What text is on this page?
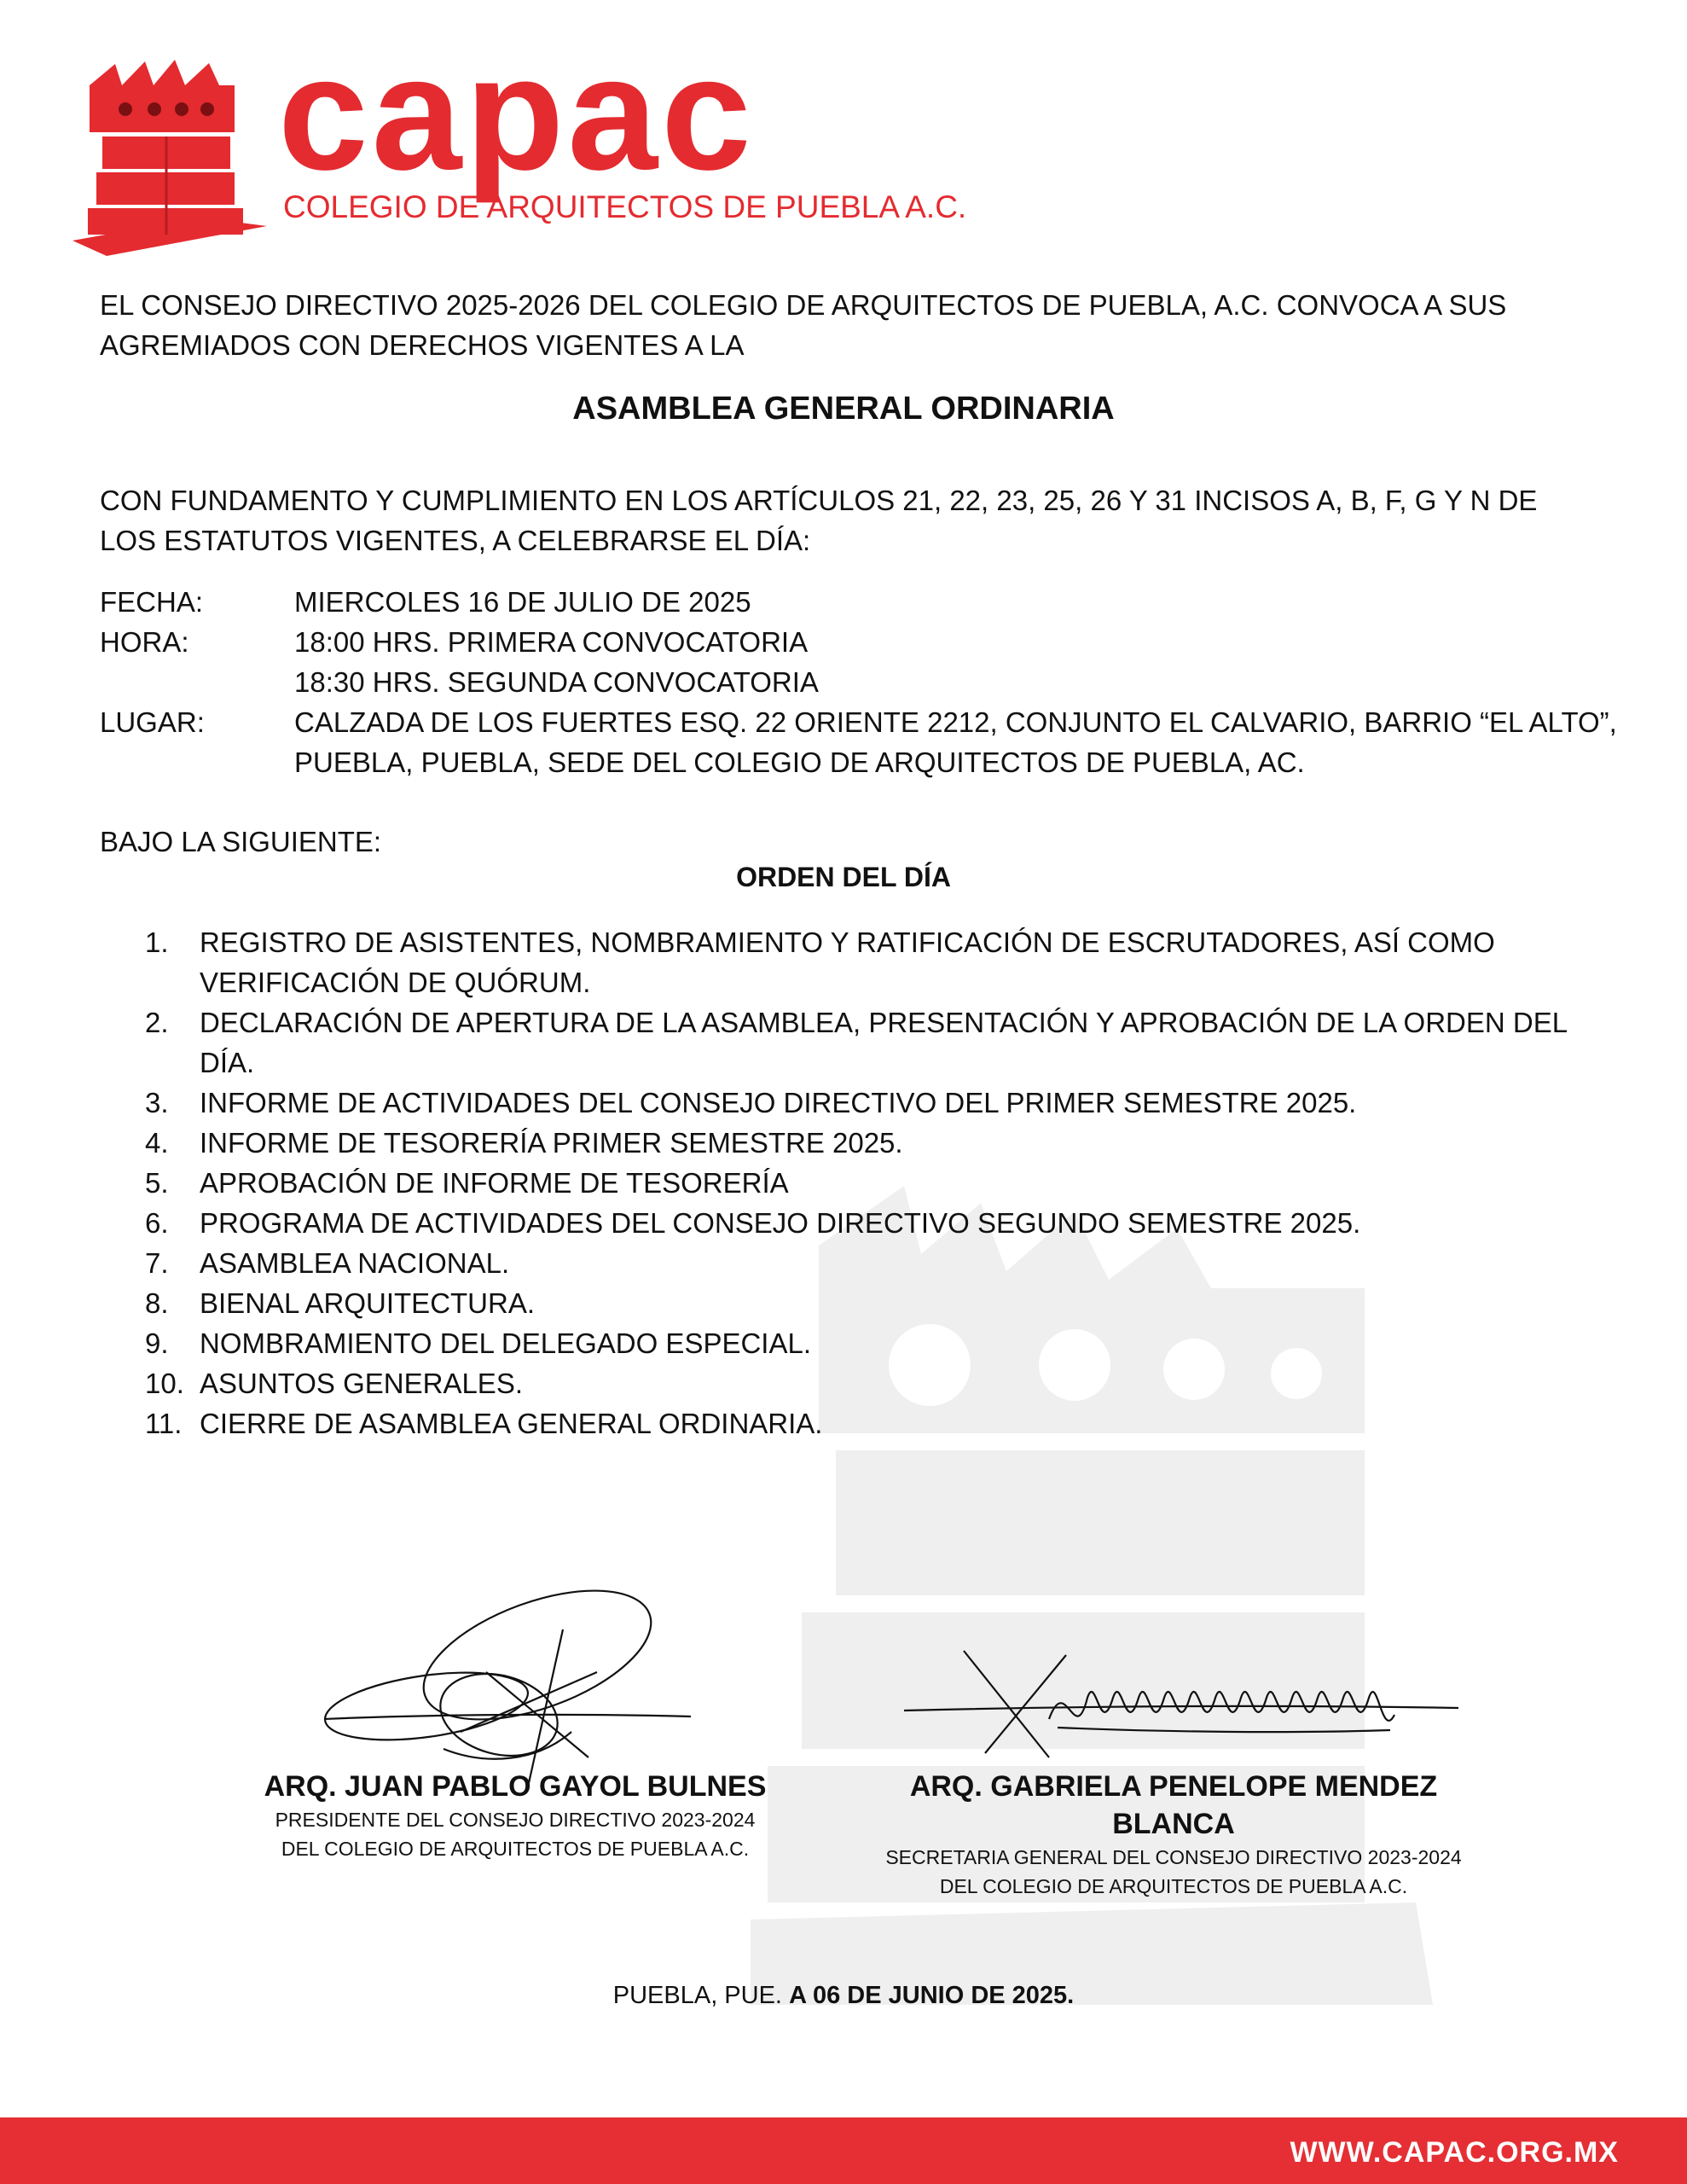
capac
COLEGIO DE ARQUITECTOS DE PUEBLA A.C.
EL CONSEJO DIRECTIVO 2025-2026 DEL COLEGIO DE ARQUITECTOS DE PUEBLA, A.C. CONVOCA A SUS AGREMIADOS CON DERECHOS VIGENTES A LA
ASAMBLEA GENERAL ORDINARIA
CON FUNDAMENTO Y CUMPLIMIENTO EN LOS ARTÍCULOS 21, 22, 23, 25, 26 Y 31 INCISOS A, B, F, G Y N DE LOS ESTATUTOS VIGENTES, A CELEBRARSE EL DÍA:
FECHA:	MIERCOLES 16 DE JULIO DE 2025
HORA:	18:00 HRS. PRIMERA CONVOCATORIA
18:30 HRS. SEGUNDA CONVOCATORIA
LUGAR:	CALZADA DE LOS FUERTES ESQ. 22 ORIENTE 2212, CONJUNTO EL CALVARIO, BARRIO “EL ALTO”, PUEBLA, PUEBLA, SEDE DEL COLEGIO DE ARQUITECTOS DE PUEBLA, AC.
BAJO LA SIGUIENTE:
ORDEN DEL DÍA
1.	REGISTRO DE ASISTENTES, NOMBRAMIENTO Y RATIFICACIÓN DE ESCRUTADORES, ASÍ COMO VERIFICACIÓN DE QUÓRUM.
2.	DECLARACIÓN DE APERTURA DE LA ASAMBLEA, PRESENTACIÓN Y APROBACIÓN DE LA ORDEN DEL DÍA.
3.	INFORME DE ACTIVIDADES DEL CONSEJO DIRECTIVO DEL PRIMER SEMESTRE 2025.
4.	INFORME DE TESORERÍA PRIMER SEMESTRE 2025.
5.	APROBACIÓN DE INFORME DE TESORERÍA
6.	PROGRAMA DE ACTIVIDADES DEL CONSEJO DIRECTIVO SEGUNDO SEMESTRE 2025.
7.	ASAMBLEA NACIONAL.
8.	BIENAL ARQUITECTURA.
9.	NOMBRAMIENTO DEL DELEGADO ESPECIAL.
10. ASUNTOS GENERALES.
11. CIERRE DE ASAMBLEA GENERAL ORDINARIA.
ARQ. JUAN PABLO GAYOL BULNES
PRESIDENTE DEL CONSEJO DIRECTIVO 2023-2024
DEL COLEGIO DE ARQUITECTOS DE PUEBLA A.C.
ARQ. GABRIELA PENELOPE MENDEZ BLANCA
SECRETARIA GENERAL DEL CONSEJO DIRECTIVO 2023-2024
DEL COLEGIO DE ARQUITECTOS DE PUEBLA A.C.
PUEBLA, PUE. A 06 DE JUNIO DE 2025.
WWW.CAPAC.ORG.MX
